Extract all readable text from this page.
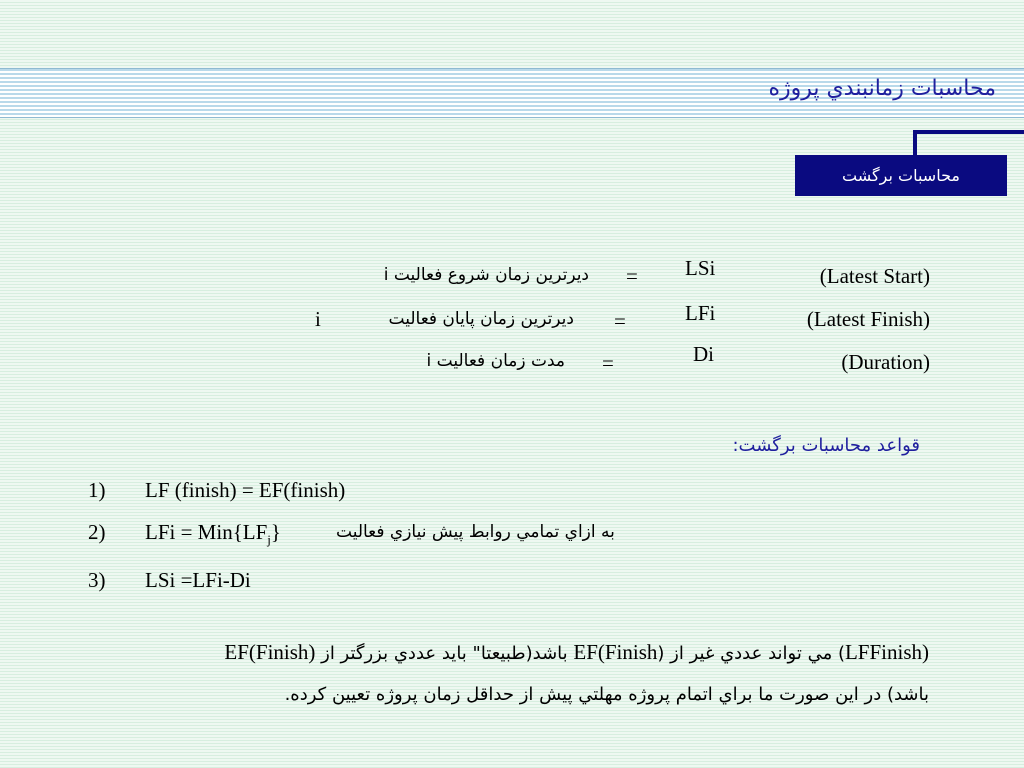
محاسبات زمانبندي پروژه
محاسبات برگشت
(Latest Start)
LSi
=
ديرترين زمان شروع فعاليت i
(Latest Finish)
LFi
=
ديرترين زمان پايان فعاليت
i
(Duration)
Di
=
مدت زمان فعاليت i
قواعد محاسبات برگشت:
1) LF (finish) = EF(finish)
2) LFi = $Min\{LF_j\}$	به ازاي تمامي روابط پيش نيازي فعاليت
3) LSi =LFi-Di
(LFFinish) مي تواند عددي غير از EF(Finish) باشد(طبيعتا" بايد عددي بزرگتر از EF(Finish)
باشد) در اين صورت ما براي اتمام پروژه مهلتي پيش از حداقل زمان پروژه تعيين كرده.
